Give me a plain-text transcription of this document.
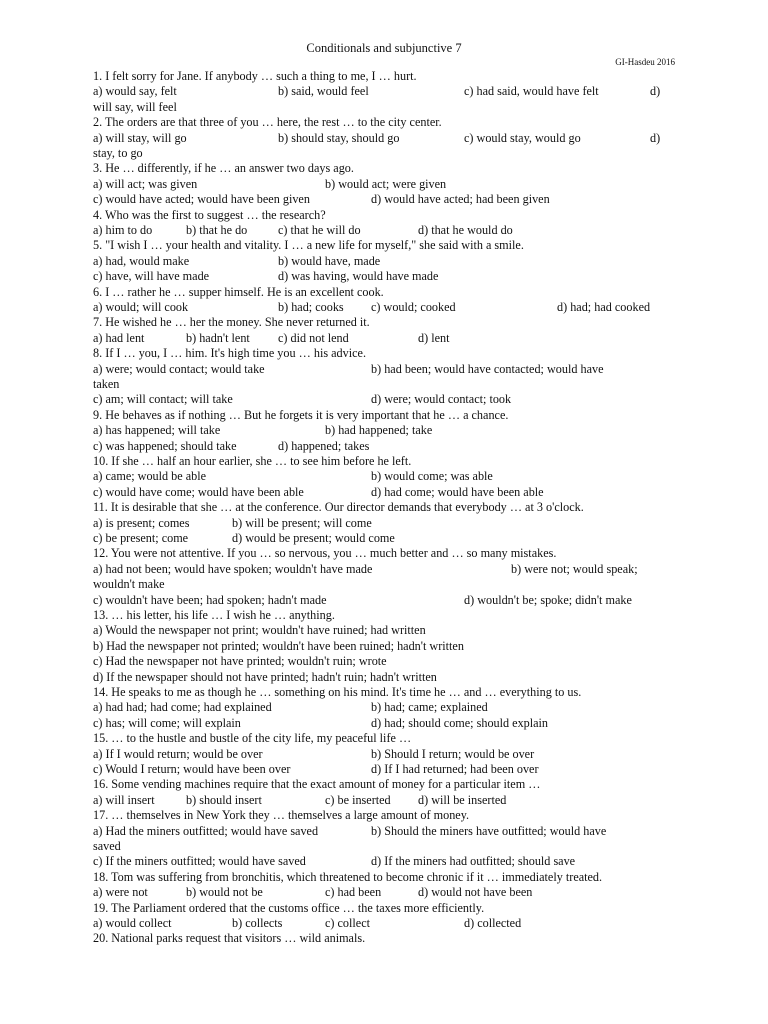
Conditionals and subjunctive 7
GI-Hasdeu 2016
1. I felt sorry for Jane. If anybody … such a thing to me, I … hurt.
a) would say, felt	b) said, would feel	c) had said, would have felt	d)
will say, will feel
2. The orders are that three of you … here, the rest … to the city center.
a) will stay, will go	b) should stay, should go	c) would stay, would go	d)
stay, to go
3. He … differently, if he … an answer two days ago.
a) will act; was given	b) would act; were given
c) would have acted; would have been given	d) would have acted; had been given
4. Who was the first to suggest … the research?
a) him to do	b) that he do	c) that he will do	d) that he would do
5. "I wish I … your health and vitality. I … a new life for myself," she said with a smile.
a) had, would make	b) would have, made
c) have, will have made	d) was having, would have made
6. I … rather he … supper himself. He is an excellent cook.
a) would; will cook	b) had; cooks c) would; cooked	d) had; had cooked
7. He wished he … her the money. She never returned it.
a) had lent	b) hadn't lent c) did not lend	d) lent
8. If I … you, I … him. It's high time you … his advice.
a) were; would contact; would take	b) had been; would have contacted; would have
taken
c) am; will contact; will take	d) were; would contact; took
9. He behaves as if nothing … But he forgets it is very important that he … a chance.
a) has happened; will take	b) had happened; take
c) was happened; should take	d) happened; takes
10. If she … half an hour earlier, she … to see him before he left.
a) came; would be able	b) would come; was able
c) would have come; would have been able	d) had come; would have been able
11. It is desirable that she … at the conference. Our director demands that everybody … at 3 o'clock.
a) is present; comes	b) will be present; will come
c) be present; come	d) would be present; would come
12. You were not attentive. If you … so nervous, you … much better and … so many mistakes.
a) had not been; would have spoken; wouldn't have made	b) were not; would speak;
wouldn't make
c) wouldn't have been; had spoken; hadn't made	d) wouldn't be; spoke; didn't make
13. … his letter, his life … I wish he … anything.
a) Would the newspaper not print; wouldn't have ruined; had written
b) Had the newspaper not printed; wouldn't have been ruined; hadn't written
c) Had the newspaper not have printed; wouldn't ruin; wrote
d) If the newspaper should not have printed; hadn't ruin; hadn't written
14. He speaks to me as though he … something on his mind. It's time he … and … everything to us.
a) had had; had come; had explained	b) had; came; explained
c) has; will come; will explain	d) had; should come; should explain
15. … to the hustle and bustle of the city life, my peaceful life …
a) If I would return; would be over	b) Should I return; would be over
c) Would I return; would have been over	d) If I had returned; had been over
16. Some vending machines require that the exact amount of money for a particular item …
a) will insert	b) should insert	c) be inserted d) will be inserted
17. … themselves in New York they … themselves a large amount of money.
a) Had the miners outfitted; would have saved	b) Should the miners have outfitted; would have
saved
c) If the miners outfitted; would have saved	d) If the miners had outfitted; should save
18. Tom was suffering from bronchitis, which threatened to become chronic if it … immediately treated.
a) were not	b) would not be	c) had been	d) would not have been
19. The Parliament ordered that the customs office … the taxes more efficiently.
a) would collect	b) collects	c) collect	d) collected
20. National parks request that visitors … wild animals.
